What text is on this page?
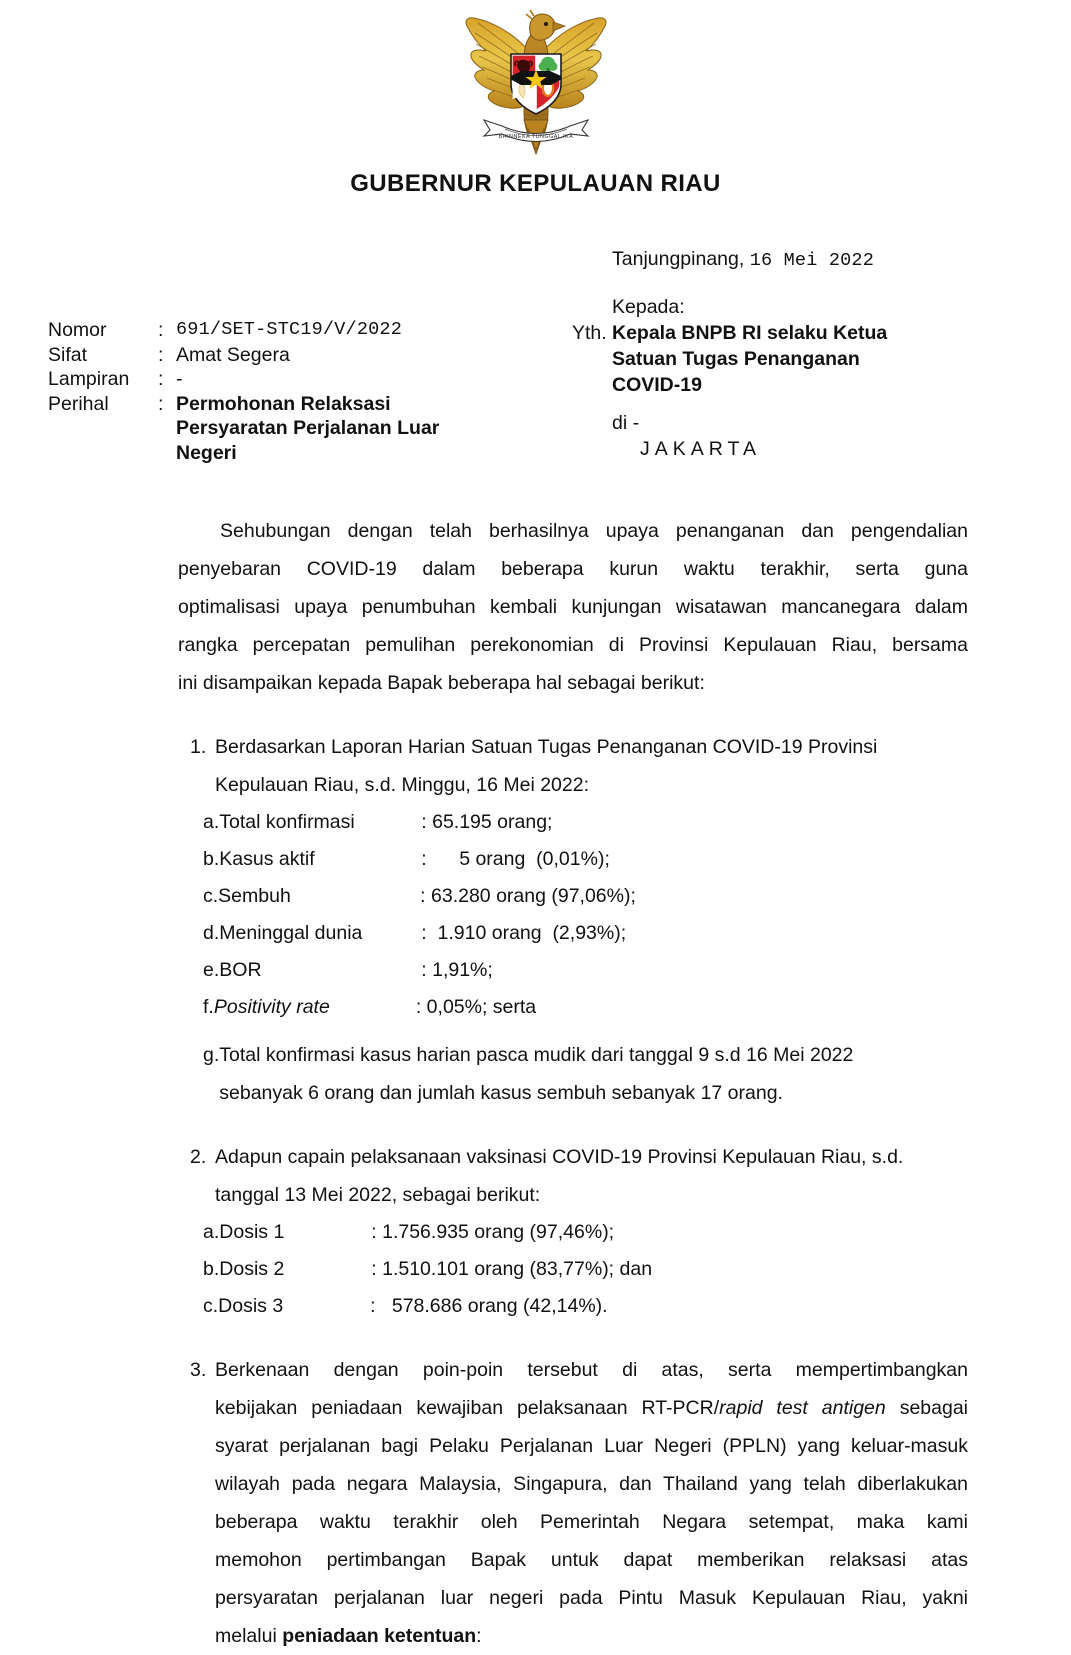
BHINNEKA TUNGGAL IKA
GUBERNUR KEPULAUAN RIAU
Nomor	: 691/SET-STC19/V/2022
Sifat	: Amat Segera
Lampiran	: -
Perihal	: Permohonan Relaksasi
Persyaratan Perjalanan Luar
Negeri
Tanjungpinang, 16 Mei 2022
Kepada:
Yth. Kepala BNPB RI selaku Ketua
Satuan Tugas Penanganan
COVID-19
di -
JAKARTA

Sehubungan dengan telah berhasilnya upaya penanganan dan pengendalian
penyebaran COVID-19 dalam beberapa kurun waktu terakhir, serta guna
optimalisasi upaya penumbuhan kembali kunjungan wisatawan mancanegara dalam
rangka percepatan pemulihan perekonomian di Provinsi Kepulauan Riau, bersama
ini disampaikan kepada Bapak beberapa hal sebagai berikut:

1. Berdasarkan Laporan Harian Satuan Tugas Penanganan COVID-19 Provinsi
Kepulauan Riau, s.d. Minggu, 16 Mei 2022:
a. Total konfirmasi	: 65.195 orang;
b. Kasus aktif	:      5 orang  (0,01%);
c. Sembuh	: 63.280 orang (97,06%);
d. Meninggal dunia	:  1.910 orang  (2,93%);
e. BOR	: 1,91%;
f. Positivity rate	: 0,05%; serta
g. Total konfirmasi kasus harian pasca mudik dari tanggal 9 s.d 16 Mei 2022
sebanyak 6 orang dan jumlah kasus sembuh sebanyak 17 orang.
2. Adapun capain pelaksanaan vaksinasi COVID-19 Provinsi Kepulauan Riau, s.d.
tanggal 13 Mei 2022, sebagai berikut:
a. Dosis 1	: 1.756.935 orang (97,46%);
b. Dosis 2	: 1.510.101 orang (83,77%); dan
c. Dosis 3	:   578.686 orang (42,14%).
3. Berkenaan dengan poin-poin tersebut di atas, serta mempertimbangkan
kebijakan peniadaan kewajiban pelaksanaan RT-PCR/rapid test antigen sebagai
syarat perjalanan bagi Pelaku Perjalanan Luar Negeri (PPLN) yang keluar-masuk
wilayah pada negara Malaysia, Singapura, dan Thailand yang telah diberlakukan
beberapa waktu terakhir oleh Pemerintah Negara setempat, maka kami
memohon pertimbangan Bapak untuk dapat memberikan relaksasi atas
persyaratan perjalanan luar negeri pada Pintu Masuk Kepulauan Riau, yakni
melalui peniadaan ketentuan:
